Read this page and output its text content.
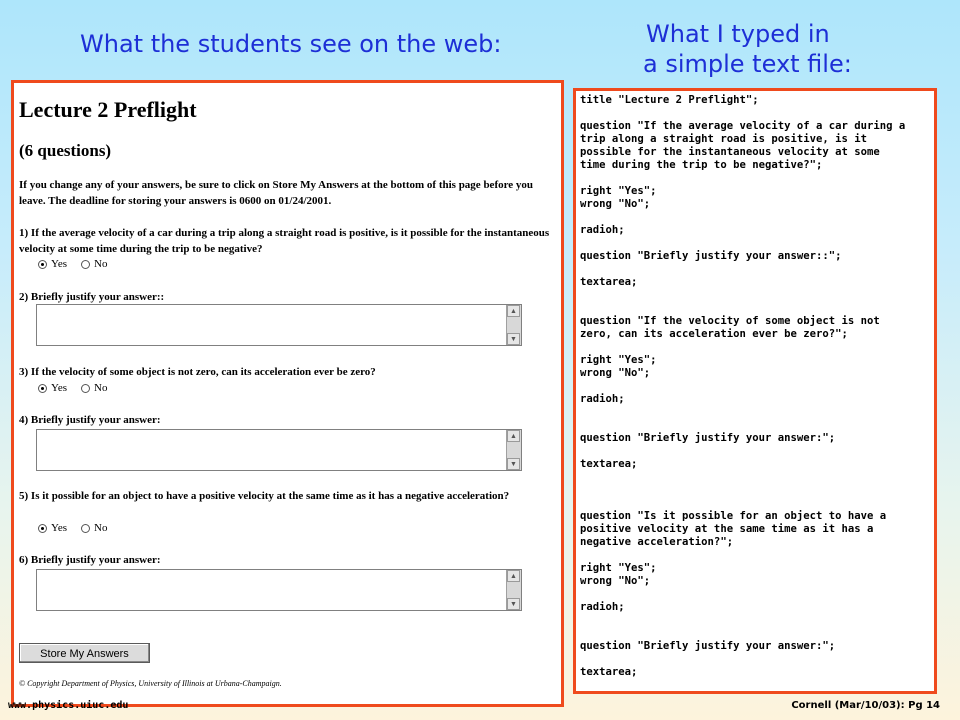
What the students see on the web:	What I typed in
a simple text file:
Lecture 2 Preflight
(6 questions)
If you change any of your answers, be sure to click on Store My Answers at the bottom of this page before you leave. The deadline for storing your answers is 0600 on 01/24/2001.
1) If the average velocity of a car during a trip along a straight road is positive, is it possible for the instantaneous velocity at some time during the trip to be negative?
Yes No
2) Briefly justify your answer::
▲
▼
3) If the velocity of some object is not zero, can its acceleration ever be zero?
Yes No
4) Briefly justify your answer:
▲
▼
5) Is it possible for an object to have a positive velocity at the same time as it has a negative acceleration?
Yes No
6) Briefly justify your answer:
▲
▼
Store My Answers
© Copyright Department of Physics, University of Illinois at Urbana-Champaign.
title "Lecture 2 Preflight";
question "If the average velocity of a car during a
trip along a straight road is positive, is it
possible for the instantaneous velocity at some
time during the trip to be negative?";
right "Yes";
wrong "No";
radioh;
question "Briefly justify your answer::";
textarea;
question "If the velocity of some object is not
zero, can its acceleration ever be zero?";
right "Yes";
wrong "No";
radioh;
question "Briefly justify your answer:";
textarea;
question "Is it possible for an object to have a
positive velocity at the same time as it has a
negative acceleration?";
right "Yes";
wrong "No";
radioh;
question "Briefly justify your answer:";
textarea;
www.physics.uiuc.edu	Cornell (Mar/10/03): Pg 14
